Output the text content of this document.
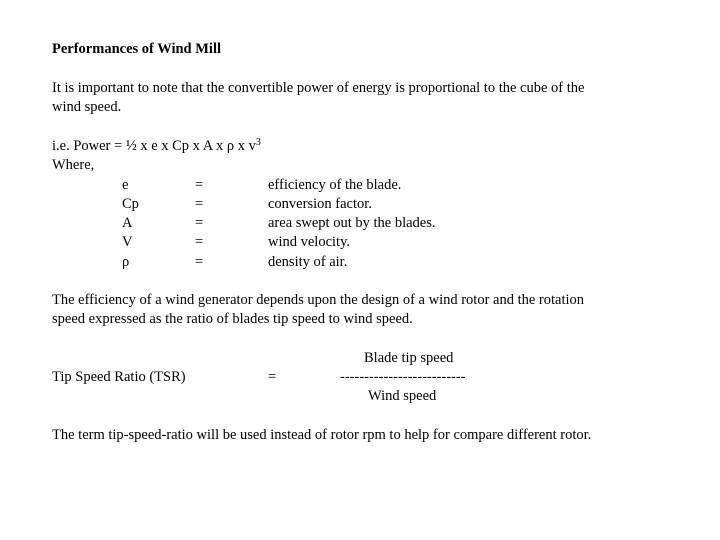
Performances of Wind Mill
It is important to note that the convertible power of energy is proportional to the cube of the
wind speed.
i.e. Power = ½ x e x Cp x A x ρ x $v^3$
Where,
e	=	efficiency of the blade.
Cp	=	conversion factor.
A	=	area swept out by the blades.
V	=	wind velocity.
ρ	=	density of air.
The efficiency of a wind generator depends upon the design of a wind rotor and the rotation
speed expressed as the ratio of blades tip speed to wind speed.
Tip Speed Ratio (TSR)	=
Blade tip speed
--------------------------
Wind speed
The term tip-speed-ratio will be used instead of rotor rpm to help for compare different rotor.
